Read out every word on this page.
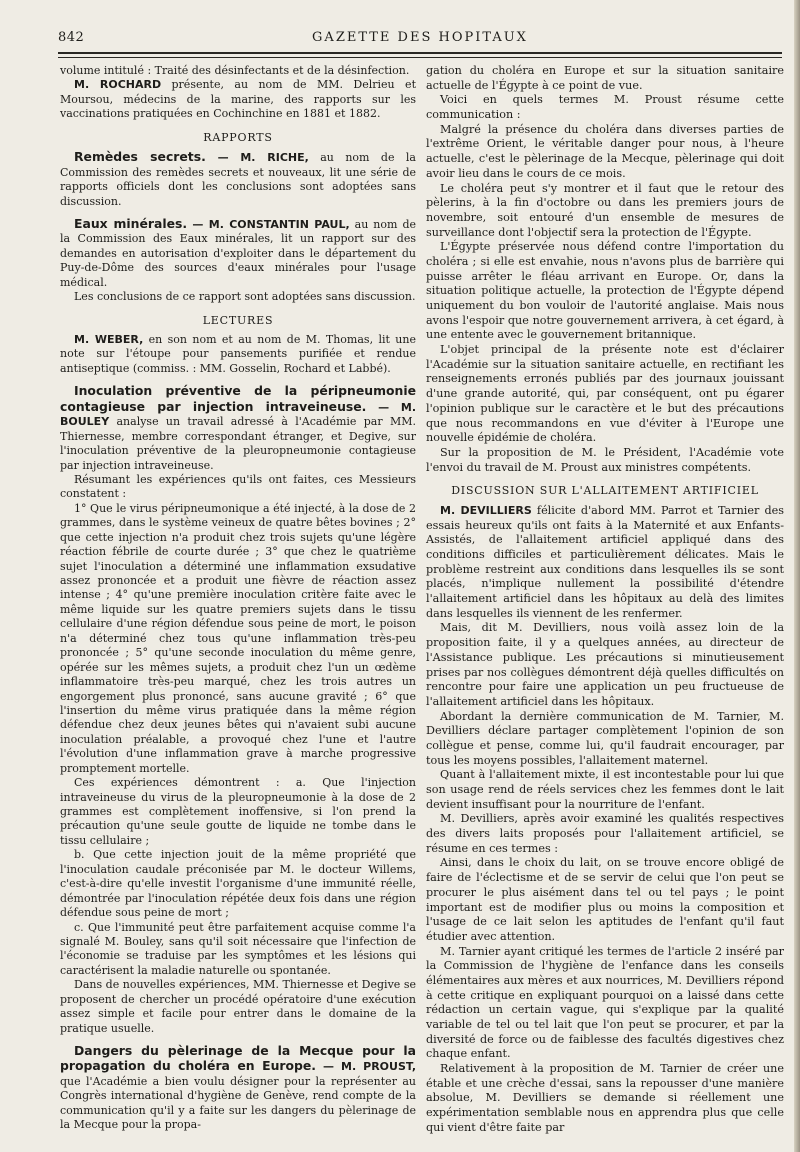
842	GAZETTE DES HOPITAUX

volume intitulé : Traité des désinfectants et de la désinfection.

M. ROCHARD présente, au nom de MM. Delrieu et Moursou, médecins de la marine, des rapports sur les vaccinations pratiquées en Cochinchine en 1881 et 1882.

RAPPORTS

Remèdes secrets. — M. RICHE, au nom de la Commission des remèdes secrets et nouveaux, lit une série de rapports officiels dont les conclusions sont adoptées sans discussion.

Eaux minérales. — M. CONSTANTIN PAUL, au nom de la Commission des Eaux minérales, lit un rapport sur des demandes en autorisation d'exploiter dans le département du Puy-de-Dôme des sources d'eaux minérales pour l'usage médical.

Les conclusions de ce rapport sont adoptées sans discussion.

LECTURES

M. WEBER, en son nom et au nom de M. Thomas, lit une note sur l'étoupe pour pansements purifiée et rendue antiseptique (commiss. : MM. Gosselin, Rochard et Labbé).

Inoculation préventive de la péripneumonie contagieuse par injection intraveineuse. — M. BOULEY analyse un travail adressé à l'Académie par MM. Thiernesse, membre correspondant étranger, et Degive, sur l'inoculation préventive de la pleuropneumonie contagieuse par injection intraveineuse.

Résumant les expériences qu'ils ont faites, ces Messieurs constatent :

1° Que le virus péripneumonique a été injecté, à la dose de 2 grammes, dans le système veineux de quatre bêtes bovines ; 2° que cette injection n'a produit chez trois sujets qu'une légère réaction fébrile de courte durée ; 3° que chez le quatrième sujet l'inoculation a déterminé une inflammation exsudative assez prononcée et a produit une fièvre de réaction assez intense ; 4° qu'une première inoculation critère faite avec le même liquide sur les quatre premiers sujets dans le tissu cellulaire d'une région défendue sous peine de mort, le poison n'a déterminé chez tous qu'une inflammation très-peu prononcée ; 5° qu'une seconde inoculation du même genre, opérée sur les mêmes sujets, a produit chez l'un un œdème inflammatoire très-peu marqué, chez les trois autres un engorgement plus prononcé, sans aucune gravité ; 6° que l'insertion du même virus pratiquée dans la même région défendue chez deux jeunes bêtes qui n'avaient subi aucune inoculation préalable, a provoqué chez l'une et l'autre l'évolution d'une inflammation grave à marche progressive promptement mortelle.

Ces expériences démontrent : a. Que l'injection intraveineuse du virus de la pleuropneumonie à la dose de 2 grammes est complètement inoffensive, si l'on prend la précaution qu'une seule goutte de liquide ne tombe dans le tissu cellulaire ;

b. Que cette injection jouit de la même propriété que l'inoculation caudale préconisée par M. le docteur Willems, c'est-à-dire qu'elle investit l'organisme d'une immunité réelle, démontrée par l'inoculation répétée deux fois dans une région défendue sous peine de mort ;

c. Que l'immunité peut être parfaitement acquise comme l'a signalé M. Bouley, sans qu'il soit nécessaire que l'infection de l'économie se traduise par les symptômes et les lésions qui caractérisent la maladie naturelle ou spontanée.

Dans de nouvelles expériences, MM. Thiernesse et Degive se proposent de chercher un procédé opératoire d'une exécution assez simple et facile pour entrer dans le domaine de la pratique usuelle.

Dangers du pèlerinage de la Mecque pour la propagation du choléra en Europe. — M. PROUST, que l'Académie a bien voulu désigner pour la représenter au Congrès international d'hygiène de Genève, rend compte de la communication qu'il y a faite sur les dangers du pèlerinage de la Mecque pour la propa-

gation du choléra en Europe et sur la situation sanitaire actuelle de l'Égypte à ce point de vue.

Voici en quels termes M. Proust résume cette communication :

Malgré la présence du choléra dans diverses parties de l'extrême Orient, le véritable danger pour nous, à l'heure actuelle, c'est le pèlerinage de la Mecque, pèlerinage qui doit avoir lieu dans le cours de ce mois.

Le choléra peut s'y montrer et il faut que le retour des pèlerins, à la fin d'octobre ou dans les premiers jours de novembre, soit entouré d'un ensemble de mesures de surveillance dont l'objectif sera la protection de l'Égypte.

L'Égypte préservée nous défend contre l'importation du choléra ; si elle est envahie, nous n'avons plus de barrière qui puisse arrêter le fléau arrivant en Europe. Or, dans la situation politique actuelle, la protection de l'Égypte dépend uniquement du bon vouloir de l'autorité anglaise. Mais nous avons l'espoir que notre gouvernement arrivera, à cet égard, à une entente avec le gouvernement britannique.

L'objet principal de la présente note est d'éclairer l'Académie sur la situation sanitaire actuelle, en rectifiant les renseignements erronés publiés par des journaux jouissant d'une grande autorité, qui, par conséquent, ont pu égarer l'opinion publique sur le caractère et le but des précautions que nous recommandons en vue d'éviter à l'Europe une nouvelle épidémie de choléra.

Sur la proposition de M. le Président, l'Académie vote l'envoi du travail de M. Proust aux ministres compétents.

DISCUSSION SUR L'ALLAITEMENT ARTIFICIEL

M. DEVILLIERS félicite d'abord MM. Parrot et Tarnier des essais heureux qu'ils ont faits à la Maternité et aux Enfants-Assistés, de l'allaitement artificiel appliqué dans des conditions difficiles et particulièrement délicates. Mais le problème restreint aux conditions dans lesquelles ils se sont placés, n'implique nullement la possibilité d'étendre l'allaitement artificiel dans les hôpitaux au delà des limites dans lesquelles ils viennent de les renfermer.

Mais, dit M. Devilliers, nous voilà assez loin de la proposition faite, il y a quelques années, au directeur de l'Assistance publique. Les précautions si minutieusement prises par nos collègues démontrent déjà quelles difficultés on rencontre pour faire une application un peu fructueuse de l'allaitement artificiel dans les hôpitaux.

Abordant la dernière communication de M. Tarnier, M. Devilliers déclare partager complètement l'opinion de son collègue et pense, comme lui, qu'il faudrait encourager, par tous les moyens possibles, l'allaitement maternel.

Quant à l'allaitement mixte, il est incontestable pour lui que son usage rend de réels services chez les femmes dont le lait devient insuffisant pour la nourriture de l'enfant.

M. Devilliers, après avoir examiné les qualités respectives des divers laits proposés pour l'allaitement artificiel, se résume en ces termes :

Ainsi, dans le choix du lait, on se trouve encore obligé de faire de l'éclectisme et de se servir de celui que l'on peut se procurer le plus aisément dans tel ou tel pays ; le point important est de modifier plus ou moins la composition et l'usage de ce lait selon les aptitudes de l'enfant qu'il faut étudier avec attention.

M. Tarnier ayant critiqué les termes de l'article 2 inséré par la Commission de l'hygiène de l'enfance dans les conseils élémentaires aux mères et aux nourrices, M. Devilliers répond à cette critique en expliquant pourquoi on a laissé dans cette rédaction un certain vague, qui s'explique par la qualité variable de tel ou tel lait que l'on peut se procurer, et par la diversité de force ou de faiblesse des facultés digestives chez chaque enfant.

Relativement à la proposition de M. Tarnier de créer une étable et une crèche d'essai, sans la repousser d'une manière absolue, M. Devilliers se demande si réellement une expérimentation semblable nous en apprendra plus que celle qui vient d'être faite par
